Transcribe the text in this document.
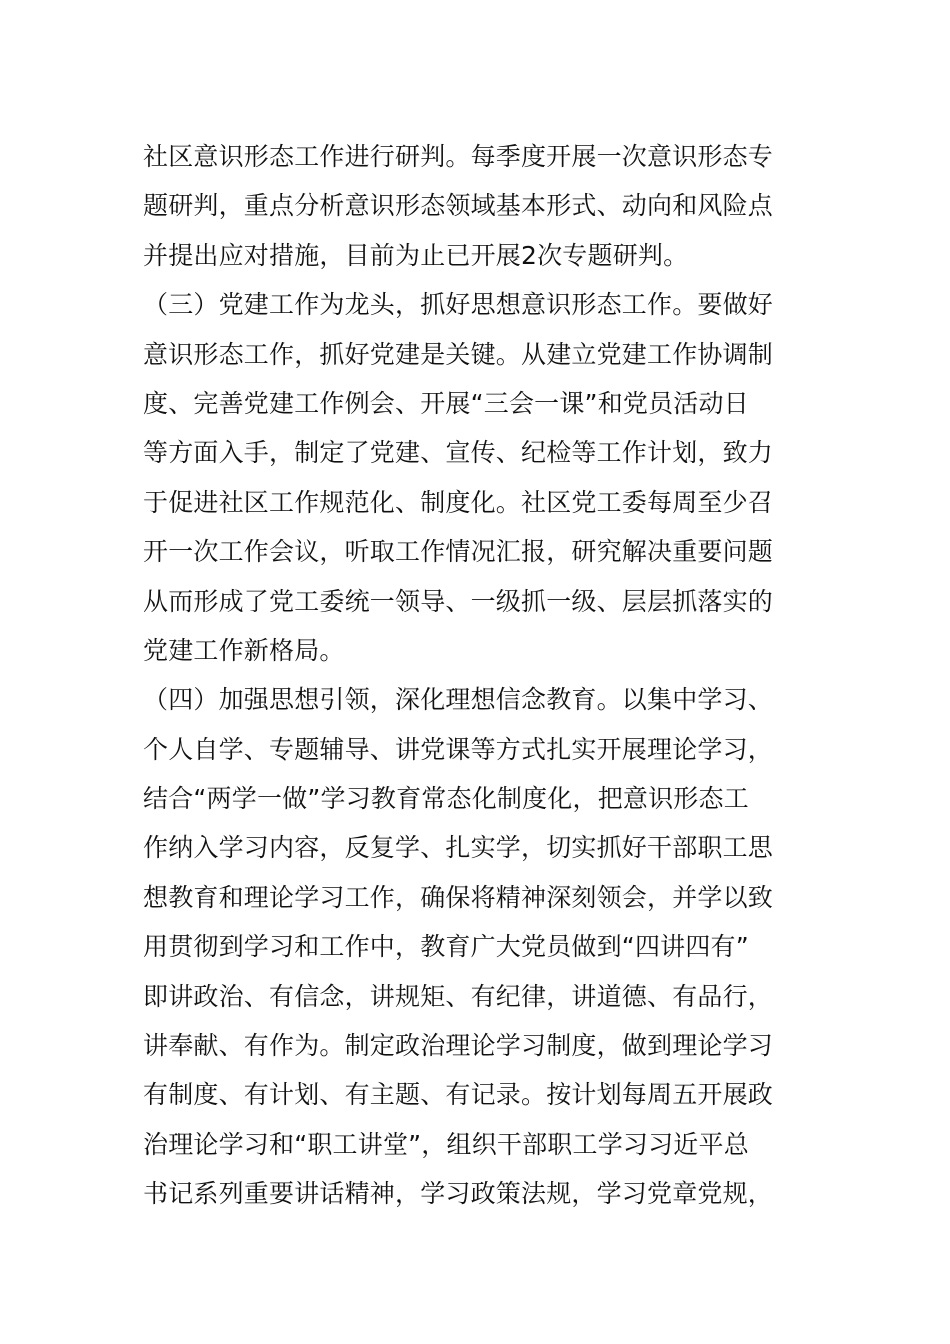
社区意识形态工作进行研判。每季度开展一次意识形态专
题研判，重点分析意识形态领域基本形式、动向和风险点
并提出应对措施，目前为止已开展2次专题研判。
（三）党建工作为龙头，抓好思想意识形态工作。要做好
意识形态工作，抓好党建是关键。从建立党建工作协调制
度、完善党建工作例会、开展“三会一课”和党员活动日
等方面入手，制定了党建、宣传、纪检等工作计划，致力
于促进社区工作规范化、制度化。社区党工委每周至少召
开一次工作会议，听取工作情况汇报，研究解决重要问题
从而形成了党工委统一领导、一级抓一级、层层抓落实的
党建工作新格局。
（四）加强思想引领，深化理想信念教育。以集中学习、
个人自学、专题辅导、讲党课等方式扎实开展理论学习，
结合“两学一做”学习教育常态化制度化，把意识形态工
作纳入学习内容，反复学、扎实学，切实抓好干部职工思
想教育和理论学习工作，确保将精神深刻领会，并学以致
用贯彻到学习和工作中，教育广大党员做到“四讲四有”
即讲政治、有信念，讲规矩、有纪律，讲道德、有品行，
讲奉献、有作为。制定政治理论学习制度，做到理论学习
有制度、有计划、有主题、有记录。按计划每周五开展政
治理论学习和“职工讲堂”，组织干部职工学习习近平总
书记系列重要讲话精神，学习政策法规，学习党章党规，
